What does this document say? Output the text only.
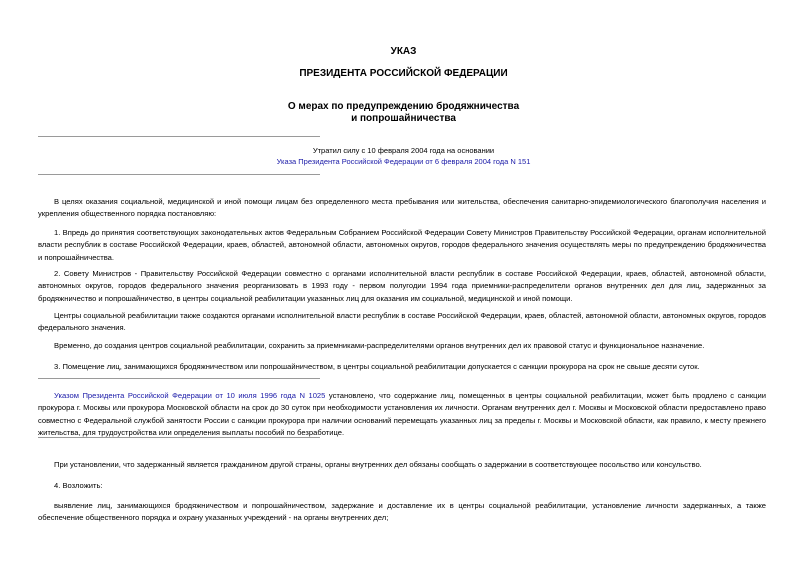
УКАЗ
ПРЕЗИДЕНТА РОССИЙСКОЙ ФЕДЕРАЦИИ
О мерах по предупреждению бродяжничества
и попрошайничества
Утратил силу с 10 февраля 2004 года на основании
Указа Президента Российской Федерации от 6 февраля 2004 года N 151

В целях оказания социальной, медицинской и иной помощи лицам без определенного места пребывания или жительства, обеспечения санитарно-эпидемиологического благополучия населения и укрепления общественного порядка постановляю:

1. Впредь до принятия соответствующих законодательных актов Федеральным Собранием Российской Федерации Совету Министров Правительству Российской Федерации, органам исполнительной власти республик в составе Российской Федерации, краев, областей, автономной области, автономных округов, городов федерального значения осуществлять меры по предупреждению бродяжничества и попрошайничества.

2. Совету Министров - Правительству Российской Федерации совместно с органами исполнительной власти республик в составе Российской Федерации, краев, областей, автономной области, автономных округов, городов федерального значения реорганизовать в 1993 году - первом полугодии 1994 года приемники-распределители органов внутренних дел для лиц, задержанных за бродяжничество и попрошайничество, в центры социальной реабилитации указанных лиц для оказания им социальной, медицинской и иной помощи.

Центры социальной реабилитации также создаются органами исполнительной власти республик в составе Российской Федерации, краев, областей, автономной области, автономных округов, городов федерального значения.

Временно, до создания центров социальной реабилитации, сохранить за приемниками-распределителями органов внутренних дел их правовой статус и функциональное назначение.

3. Помещение лиц, занимающихся бродяжничеством или попрошайничеством, в центры социальной реабилитации допускается с санкции прокурора на срок не свыше десяти суток.

Указом Президента Российской Федерации от 10 июля 1996 года N 1025 установлено, что содержание лиц, помещенных в центры социальной реабилитации, может быть продлено с санкции прокурора г. Москвы или прокурора Московской области на срок до 30 суток при необходимости установления их личности. Органам внутренних дел г. Москвы и Московской области предоставлено право совместно с Федеральной службой занятости России с санкции прокурора при наличии оснований перемещать указанных лиц за пределы г. Москвы и Московской области, как правило, к месту прежнего жительства, для трудоустройства или определения выплаты пособий по безработице.

При установлении, что задержанный является гражданином другой страны, органы внутренних дел обязаны сообщать о задержании в соответствующее посольство или консульство.

4. Возложить:

выявление лиц, занимающихся бродяжничеством и попрошайничеством, задержание и доставление их в центры социальной реабилитации, установление личности задержанных, а также обеспечение общественного порядка и охрану указанных учреждений - на органы внутренних дел;
